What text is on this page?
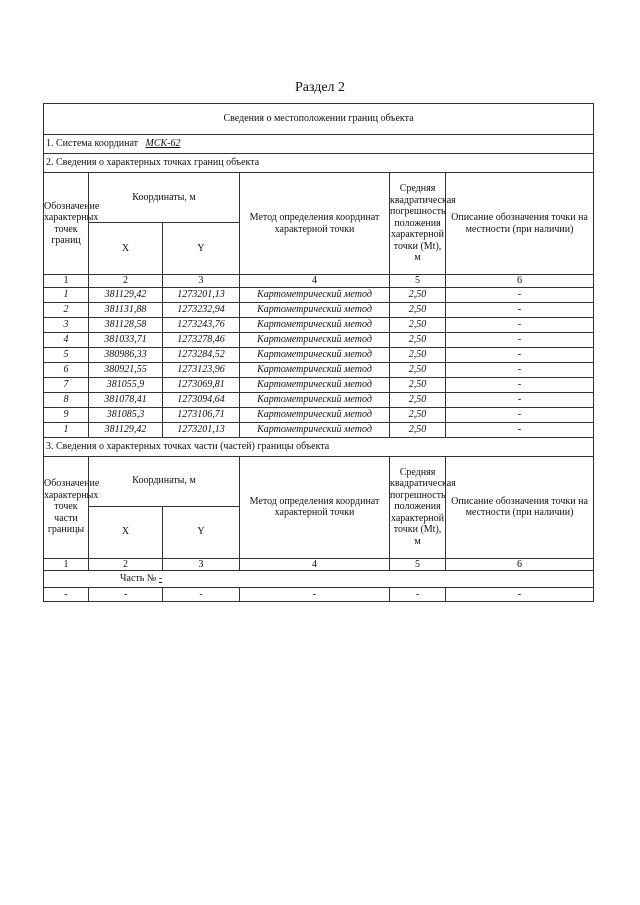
Раздел 2
Сведения о местоположении границ объекта					
1. Система координат МСК-62					
2. Сведения о характерных точках границ объекта					
Обозначение характерных точек границ	Координаты, м		Метод определения координат характерной точки	Средняя квадратическая погрешность положения характерной точки (Mt), м	Описание обозначения точки на местности (при наличии)
	X	Y			
1	2	3	4	5	6
1	381129,42	1273201,13	Картометрический метод	2,50	-
2	381131,88	1273232,94	Картометрический метод	2,50	-
3	381128,58	1273243,76	Картометрический метод	2,50	-
4	381033,71	1273278,46	Картометрический метод	2,50	-
5	380986,33	1273284,52	Картометрический метод	2,50	-
6	380921,55	1273123,96	Картометрический метод	2,50	-
7	381055,9	1273069,81	Картометрический метод	2,50	-
8	381078,41	1273094,64	Картометрический метод	2,50	-
9	381085,3	1273106,71	Картометрический метод	2,50	-
1	381129,42	1273201,13	Картометрический метод	2,50	-
3. Сведения о характерных точках части (частей) границы объекта					
Обозначение характерных точек части границы	Координаты, м		Метод определения координат характерной точки	Средняя квадратическая погрешность положения характерной точки (Mt), м	Описание обозначения точки на местности (при наличии)
	X	Y			
1	2	3	4	5	6
Часть № -					
-	-	-	-	-	-
